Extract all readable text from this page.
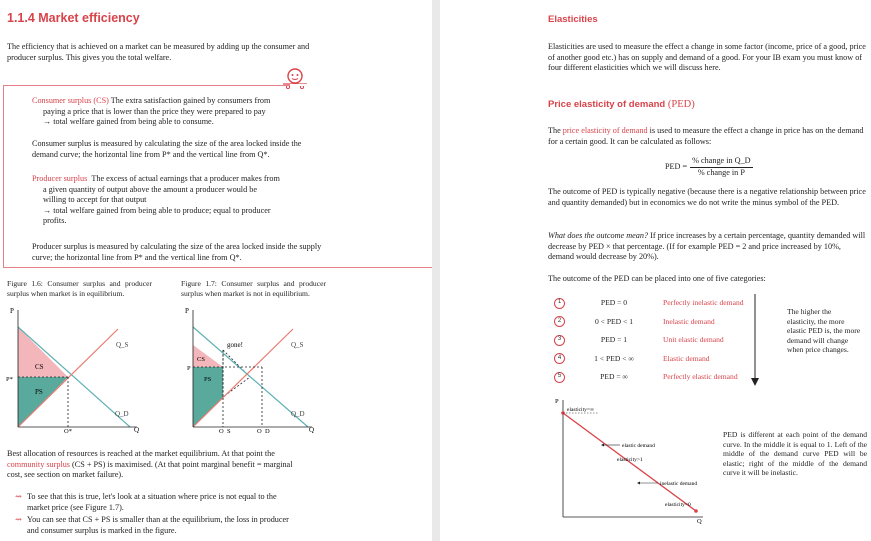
1.1.4 Market efficiency
The efficiency that is achieved on a market can be measured by adding up the consumer and producer surplus. This gives you the total welfare.
Consumer surplus (CS) The extra satisfaction gained by consumers from
paying a price that is lower than the price they were prepared to pay
→ total welfare gained from being able to consume.
Consumer surplus is measured by calculating the size of the area locked inside the demand curve; the horizontal line from P* and the vertical line from Q*.
Producer surplus The excess of actual earnings that a producer makes from
a given quantity of output above the amount a producer would be
willing to accept for that output
→ total welfare gained from being able to produce; equal to producer
profits.
Producer surplus is measured by calculating the size of the area locked inside the supply curve; the horizontal line from P* and the vertical line from Q*.
Figure 1.6: Consumer surplus and producer surplus when market is in equilibrium.
Figure 1.7: Consumer surplus and producer surplus when market is not in equilibrium.
P
Q
Q_S
Q_D
CS
PS
P*
Q*
P
Q
Q_S
Q_D
gone!
CS
PS
P
Q_S	Q_D
Best allocation of resources is reached at the market equilibrium. At that point the
community surplus (CS + PS) is maximised. (At that point marginal benefit = marginal
cost, see section on market failure).
⇝ To see that this is true, let's look at a situation where price is not equal to the
market price (see Figure 1.7).
⇝ You can see that CS + PS is smaller than at the equilibrium, the loss in producer
and consumer surplus is marked in the figure.
Elasticities
Elasticities are used to measure the effect a change in some factor (income, price of a good, price of another good etc.) has on supply and demand of a good. For your IB exam you must know of four different elasticities which we will discuss here.
Price elasticity of demand (PED)
The price elasticity of demand is used to measure the effect a change in price has on the demand for a certain good. It can be calculated as follows:
PED =
% change in Q_D
% change in P
The outcome of PED is typically negative (because there is a negative relationship between price and quantity demanded) but in economics we do not write the minus symbol of the PED.
What does the outcome mean? If price increases by a certain percentage, quantity demanded will decrease by PED × that percentage. (If for example PED = 2 and price increased by 10%, demand would decrease by 20%).
The outcome of the PED can be placed into one of five categories:
1	PED = 0	Perfectly inelastic demand
2	0 < PED < 1	Inelastic demand
3	PED = 1	Unit elastic demand
4	1 < PED < ∞	Elastic demand
5	PED = ∞	Perfectly elastic demand
The higher the elasticity, the more elastic PED is, the more demand will change when price changes.
P
Q
elasticity=∞
elastic demand
elasticity>1
inelastic demand
elasticity=0
PED is different at each point of the demand curve. In the middle it is equal to 1. Left of the middle of the demand curve PED will be elastic; right of the middle of the demand curve it will be inelastic.
